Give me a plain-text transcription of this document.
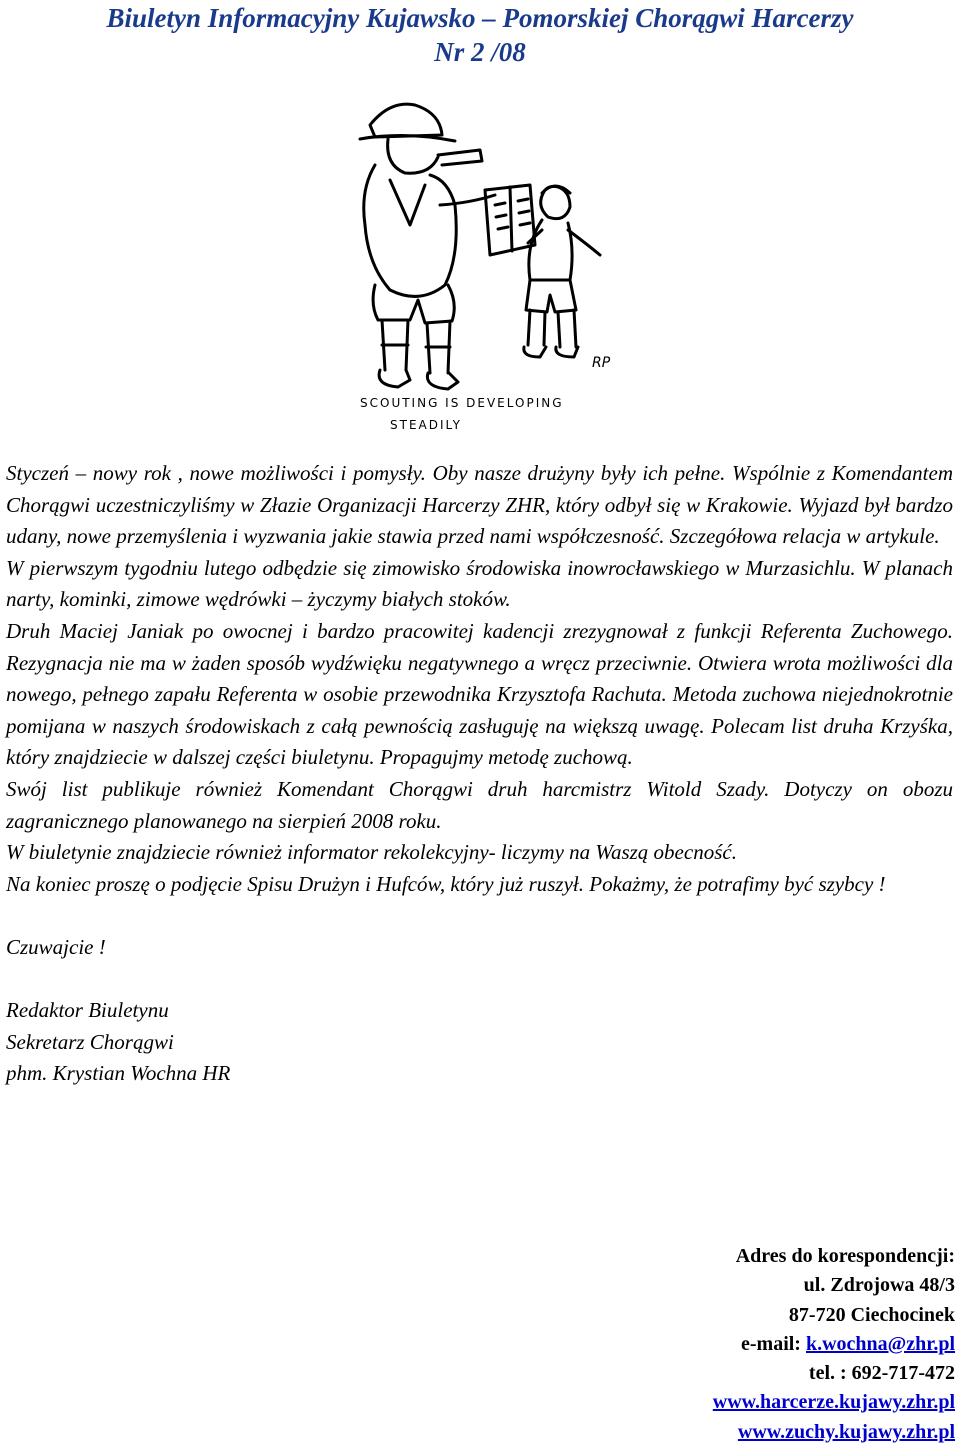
Biuletyn Informacyjny Kujawsko – Pomorskiej Chorągwi Harcerzy
Nr 2 /08
RP
SCOUTING IS DEVELOPING
STEADILY

Styczeń – nowy rok , nowe możliwości i pomysły. Oby nasze drużyny były ich pełne. Wspólnie z Komendantem Chorągwi uczestniczyliśmy w Złazie Organizacji Harcerzy ZHR, który odbył się w Krakowie. Wyjazd był bardzo udany, nowe przemyślenia i wyzwania jakie stawia przed nami współczesność. Szczegółowa relacja w artykule.

W pierwszym tygodniu lutego odbędzie się zimowisko środowiska inowrocławskiego w Murzasichlu. W planach narty, kominki, zimowe wędrówki – życzymy białych stoków.

Druh Maciej Janiak po owocnej i bardzo pracowitej kadencji zrezygnował z funkcji Referenta Zuchowego. Rezygnacja nie ma w żaden sposób wydźwięku negatywnego a wręcz przeciwnie. Otwiera wrota możliwości dla nowego, pełnego zapału Referenta w osobie przewodnika Krzysztofa Rachuta. Metoda zuchowa niejednokrotnie pomijana w naszych środowiskach z całą pewnością zasługuję na większą uwagę. Polecam list druha Krzyśka, który znajdziecie w dalszej części biuletynu. Propagujmy metodę zuchową.

Swój list publikuje również Komendant Chorągwi druh harcmistrz Witold Szady. Dotyczy on obozu zagranicznego planowanego na sierpień 2008 roku.

W biuletynie znajdziecie również informator rekolekcyjny- liczymy na Waszą obecność.

Na koniec proszę o podjęcie Spisu Drużyn i Hufców, który już ruszył. Pokażmy, że potrafimy być szybcy !

Czuwajcie !

Redaktor Biuletynu

Sekretarz Chorągwi

phm. Krystian Wochna HR

Adres do korespondencji:
ul. Zdrojowa 48/3
87-720 Ciechocinek
e-mail: k.wochna@zhr.pl
tel. : 692-717-472
www.harcerze.kujawy.zhr.pl
www.zuchy.kujawy.zhr.pl
